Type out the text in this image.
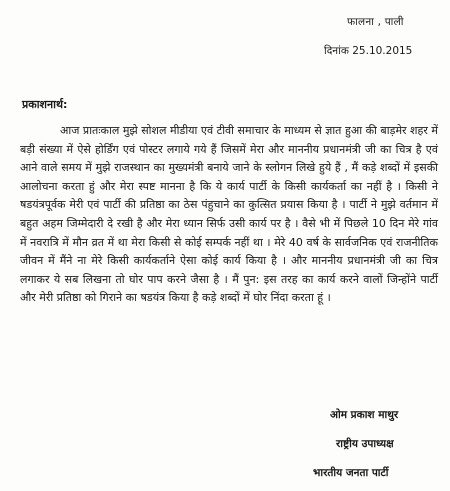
फालना , पाली
दिनांक 25.10.2015
प्रकाशनार्थ:

आज प्रातःकाल मुझे सोशल मीडीया एवं टीवी समाचार के माध्यम से ज्ञात हुआ की बाड़मेर शहर में बड़ी संख्या में ऐसे होर्डिंग एवं पोस्टर लगाये गये हैं जिसमें मेरा और माननीय प्रधानमंत्री जी का चित्र है एवं आने वाले समय में मुझे राजस्थान का मुख्यमंत्री बनाये जाने के स्लोगन लिखे हुये हैं , मैं कड़े शब्दों में इसकी आलोचना करता हुं और मेरा स्पष्ट मानना है कि ये कार्य पार्टी के किसी कार्यकर्ता का नहीं है । किसी ने षडयंत्रपूर्वक मेरी एवं पार्टी की प्रतिष्ठा का ठेस पंहुचाने का कुत्सित प्रयास किया है । पार्टी ने मुझे वर्तमान में बहुत अहम जिम्मेदारी दे रखी है और मेरा ध्यान सिर्फ उसी कार्य पर है । वैसे भी में पिछले 10 दिन मेरे गांव में नवरात्रि में मौन व्रत में था मेरा किसी से कोई सम्पर्क नहीं था । मेरे 40 वर्ष के सार्वजनिक एवं राजनीतिक जीवन में मैंने ना मेरे किसी कार्यकर्ताने ऐसा कोई कार्य किया है । और माननीय प्रधानमंत्री जी का चित्र लगाकर ये सब लिखना तो घोर पाप करने जैसा है । मैं पुन: इस तरह का कार्य करने वालों जिन्होंने पार्टी और मेरी प्रतिष्ठा को गिराने का षडयंत्र किया है कड़े शब्दों में घोर निंदा करता हूं ।

ओम प्रकाश माथुर
राष्ट्रीय उपाध्यक्ष
भारतीय जनता पार्टी
